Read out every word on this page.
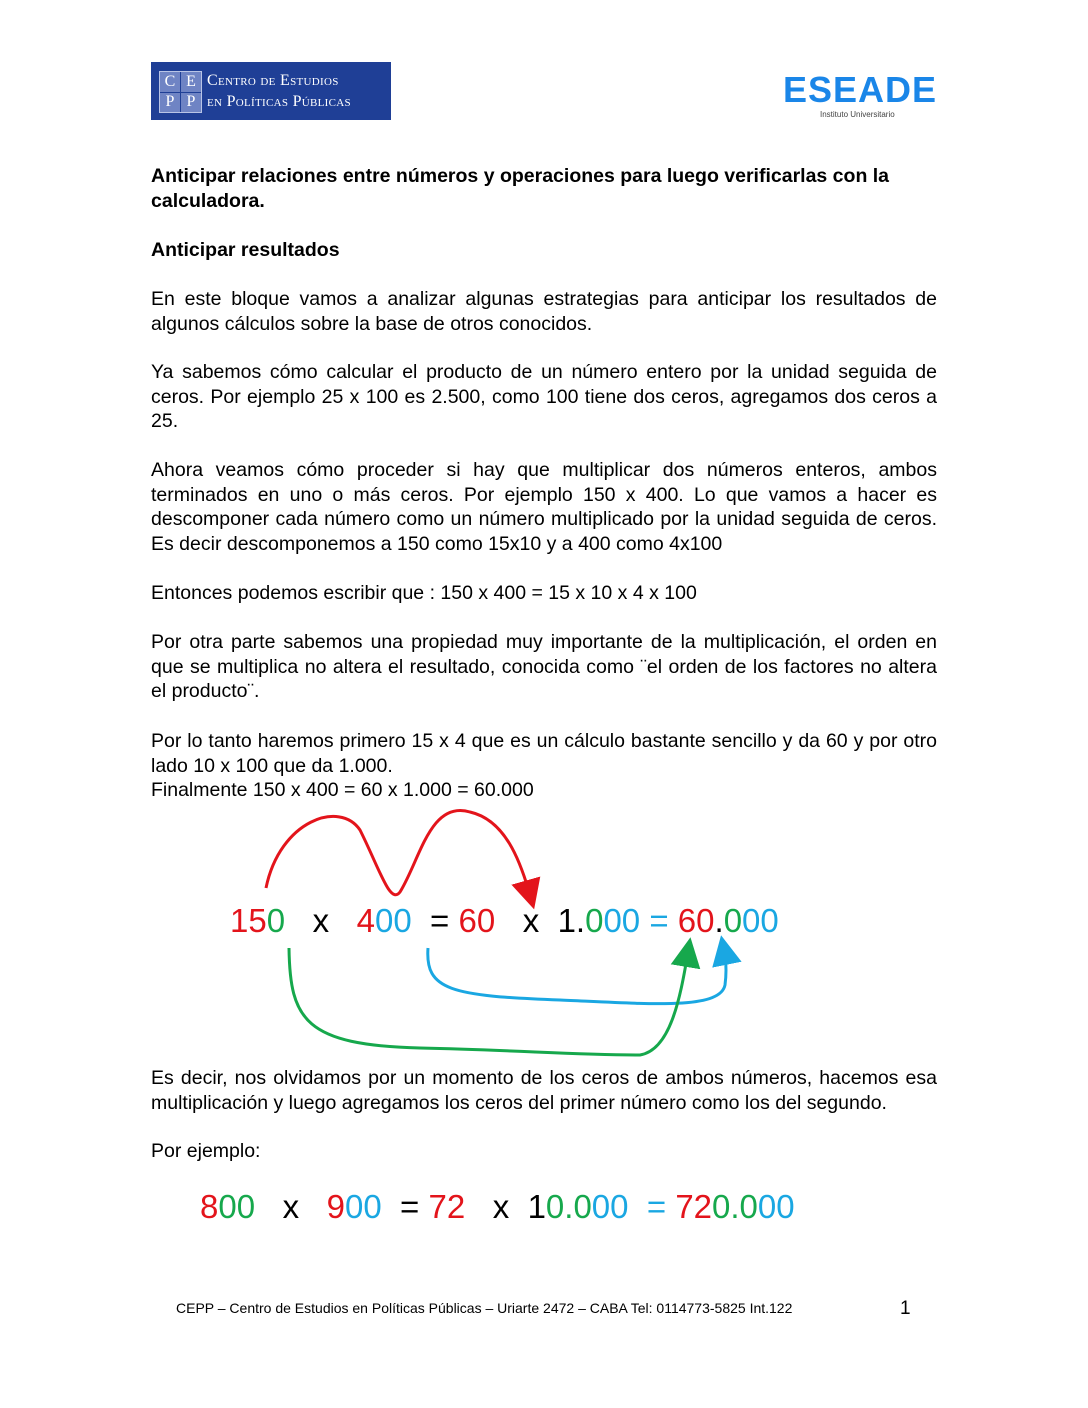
C E
P P
Centro de Estudios
en Políticas Públicas	ESEADE
Instituto Universitario
Anticipar relaciones entre números y operaciones para luego verificarlas con la calculadora.
Anticipar resultados
En este bloque vamos a analizar algunas estrategias para anticipar los resultados de algunos cálculos sobre la base de otros conocidos.
Ya sabemos cómo calcular el producto de un número entero por la unidad seguida de ceros. Por ejemplo 25 x 100 es 2.500, como 100 tiene dos ceros, agregamos dos ceros a 25.
Ahora veamos cómo proceder si hay que multiplicar dos números enteros, ambos terminados en uno o más ceros. Por ejemplo 150 x 400. Lo que vamos a hacer es descomponer cada número como un número multiplicado por la unidad seguida de ceros. Es decir descomponemos a 150 como 15x10 y a 400 como 4x100
Entonces podemos escribir que : 150 x 400 = 15 x 10 x 4 x 100
Por otra parte sabemos una propiedad muy importante de la multiplicación, el orden en que se multiplica no altera el resultado, conocida como ¨el orden de los factores no altera el producto¨.
Por lo tanto haremos primero 15 x 4 que es un cálculo bastante sencillo y da 60 y por otro lado 10 x 100 que da 1.000.
Finalmente 150 x 400 = 60 x 1.000 = 60.000
150 x 400 = 60 x 1.000 = 60.000
Es decir, nos olvidamos por un momento de los ceros de ambos números, hacemos esa multiplicación y luego agregamos los ceros del primer número como los del segundo.
Por ejemplo:
800 x 900 = 72 x 10.000 = 720.000
CEPP – Centro de Estudios en Políticas Públicas – Uriarte 2472 – CABA Tel: 0114773-5825 Int.122	1
